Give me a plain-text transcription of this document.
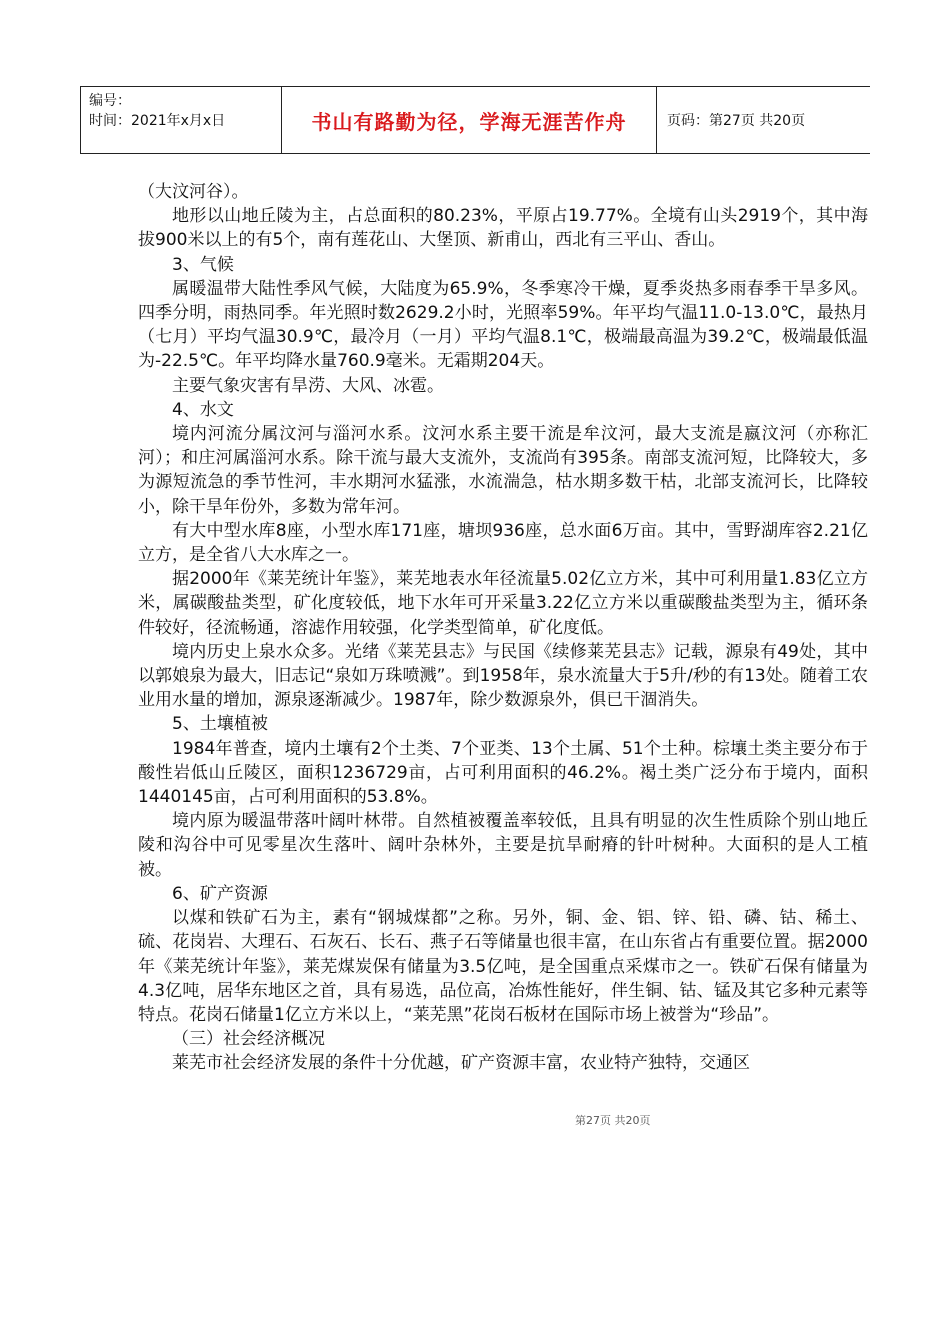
编号：
时间：2021年x月x日	书山有路勤为径，学海无涯苦作舟	页码：第27页 共20页

（大汶河谷）。

地形以山地丘陵为主，占总面积的80.23%，平原占19.77%。全境有山头2919个，其中海拔900米以上的有5个，南有莲花山、大堡顶、新甫山，西北有三平山、香山。

3、气候

属暖温带大陆性季风气候，大陆度为65.9%，冬季寒冷干燥，夏季炎热多雨春季干旱多风。四季分明，雨热同季。年光照时数2629.2小时，光照率59%。年平均气温11.0-13.0℃，最热月（七月）平均气温30.9℃，最冷月（一月）平均气温8.1℃，极端最高温为39.2℃，极端最低温为-22.5℃。年平均降水量760.9毫米。无霜期204天。

主要气象灾害有旱涝、大风、冰雹。

4、水文

境内河流分属汶河与淄河水系。汶河水系主要干流是牟汶河，最大支流是嬴汶河（亦称汇河）；和庄河属淄河水系。除干流与最大支流外，支流尚有395条。南部支流河短，比降较大，多为源短流急的季节性河，丰水期河水猛涨，水流湍急，枯水期多数干枯，北部支流河长，比降较小，除干旱年份外，多数为常年河。

有大中型水库8座，小型水库171座，塘坝936座，总水面6万亩。其中，雪野湖库容2.21亿立方，是全省八大水库之一。

据2000年《莱芜统计年鉴》，莱芜地表水年径流量5.02亿立方米，其中可利用量1.83亿立方米，属碳酸盐类型，矿化度较低，地下水年可开采量3.22亿立方米以重碳酸盐类型为主，循环条件较好，径流畅通，溶滤作用较强，化学类型简单，矿化度低。

境内历史上泉水众多。光绪《莱芜县志》与民国《续修莱芜县志》记载，源泉有49处，其中以郭娘泉为最大，旧志记“泉如万珠喷溅”。到1958年，泉水流量大于5升/秒的有13处。随着工农业用水量的增加，源泉逐渐减少。1987年，除少数源泉外，俱已干涸消失。

5、土壤植被

1984年普查，境内土壤有2个土类、7个亚类、13个土属、51个土种。棕壤土类主要分布于酸性岩低山丘陵区，面积1236729亩，占可利用面积的46.2%。褐土类广泛分布于境内，面积1440145亩，占可利用面积的53.8%。

境内原为暖温带落叶阔叶林带。自然植被覆盖率较低，且具有明显的次生性质除个别山地丘陵和沟谷中可见零星次生落叶、阔叶杂林外，主要是抗旱耐瘠的针叶树种。大面积的是人工植被。

6、矿产资源

以煤和铁矿石为主，素有“钢城煤都”之称。另外，铜、金、铝、锌、铅、磷、钴、稀土、硫、花岗岩、大理石、石灰石、长石、燕子石等储量也很丰富，在山东省占有重要位置。据2000年《莱芜统计年鉴》，莱芜煤炭保有储量为3.5亿吨，是全国重点采煤市之一。铁矿石保有储量为4.3亿吨，居华东地区之首，具有易选，品位高，冶炼性能好，伴生铜、钴、锰及其它多种元素等特点。花岗石储量1亿立方米以上，“莱芜黑”花岗石板材在国际市场上被誉为“珍品”。

（三）社会经济概况

莱芜市社会经济发展的条件十分优越，矿产资源丰富，农业特产独特，交通区

第27页 共20页
